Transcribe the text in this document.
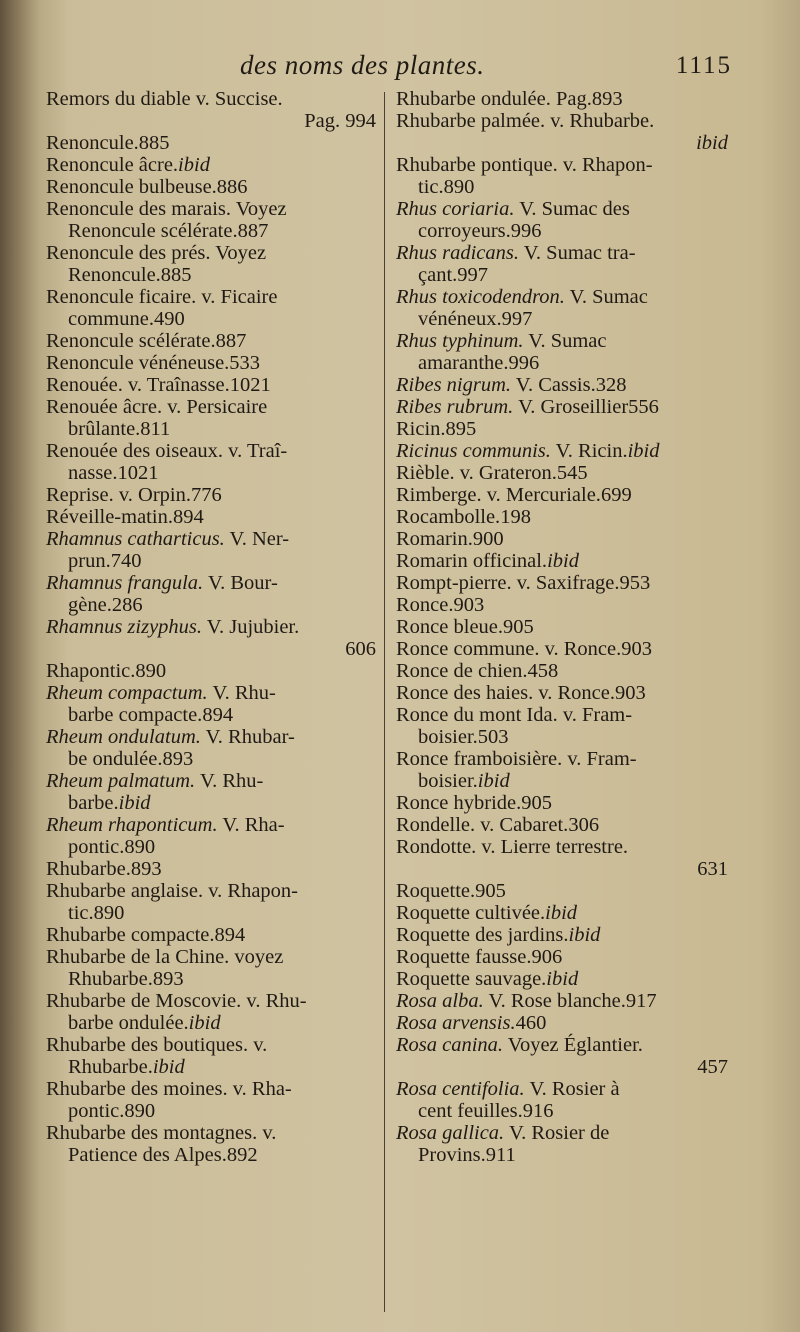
des noms des plantes.	1115
Remors du diable v. Succise.
Pag. 994
Renoncule.885
Renoncule âcre.ibid
Renoncule bulbeuse.886
Renoncule des marais. Voyez
Renoncule scélérate.887
Renoncule des prés. Voyez
Renoncule.885
Renoncule ficaire. v. Ficaire
commune.490
Renoncule scélérate.887
Renoncule vénéneuse.533
Renouée. v. Traînasse.1021
Renouée âcre. v. Persicaire
brûlante.811
Renouée des oiseaux. v. Traî-
nasse.1021
Reprise. v. Orpin.776
Réveille-matin.894
Rhamnus catharticus. V. Ner-
prun.740
Rhamnus frangula. V. Bour-
gène.286
Rhamnus zizyphus. V. Jujubier.
606
Rhapontic.890
Rheum compactum. V. Rhu-
barbe compacte.894
Rheum ondulatum. V. Rhubar-
be ondulée.893
Rheum palmatum. V. Rhu-
barbe.ibid
Rheum rhaponticum. V. Rha-
pontic.890
Rhubarbe.893
Rhubarbe anglaise. v. Rhapon-
tic.890
Rhubarbe compacte.894
Rhubarbe de la Chine. voyez
Rhubarbe.893
Rhubarbe de Moscovie. v. Rhu-
barbe ondulée.ibid
Rhubarbe des boutiques. v.
Rhubarbe.ibid
Rhubarbe des moines. v. Rha-
pontic.890
Rhubarbe des montagnes. v.
Patience des Alpes.892
Rhubarbe ondulée. Pag.893
Rhubarbe palmée. v. Rhubarbe.
ibid
Rhubarbe pontique. v. Rhapon-
tic.890
Rhus coriaria. V. Sumac des
corroyeurs.996
Rhus radicans. V. Sumac tra-
çant.997
Rhus toxicodendron. V. Sumac
vénéneux.997
Rhus typhinum. V. Sumac
amaranthe.996
Ribes nigrum. V. Cassis.328
Ribes rubrum. V. Groseillier556
Ricin.895
Ricinus communis. V. Ricin.ibid
Rièble. v. Grateron.545
Rimberge. v. Mercuriale.699
Rocambolle.198
Romarin.900
Romarin officinal.ibid
Rompt-pierre. v. Saxifrage.953
Ronce.903
Ronce bleue.905
Ronce commune. v. Ronce.903
Ronce de chien.458
Ronce des haies. v. Ronce.903
Ronce du mont Ida. v. Fram-
boisier.503
Ronce framboisière. v. Fram-
boisier.ibid
Ronce hybride.905
Rondelle. v. Cabaret.306
Rondotte. v. Lierre terrestre.
631
Roquette.905
Roquette cultivée.ibid
Roquette des jardins.ibid
Roquette fausse.906
Roquette sauvage.ibid
Rosa alba. V. Rose blanche.917
Rosa arvensis.460
Rosa canina. Voyez Églantier.
457
Rosa centifolia. V. Rosier à
cent feuilles.916
Rosa gallica. V. Rosier de
Provins.911
